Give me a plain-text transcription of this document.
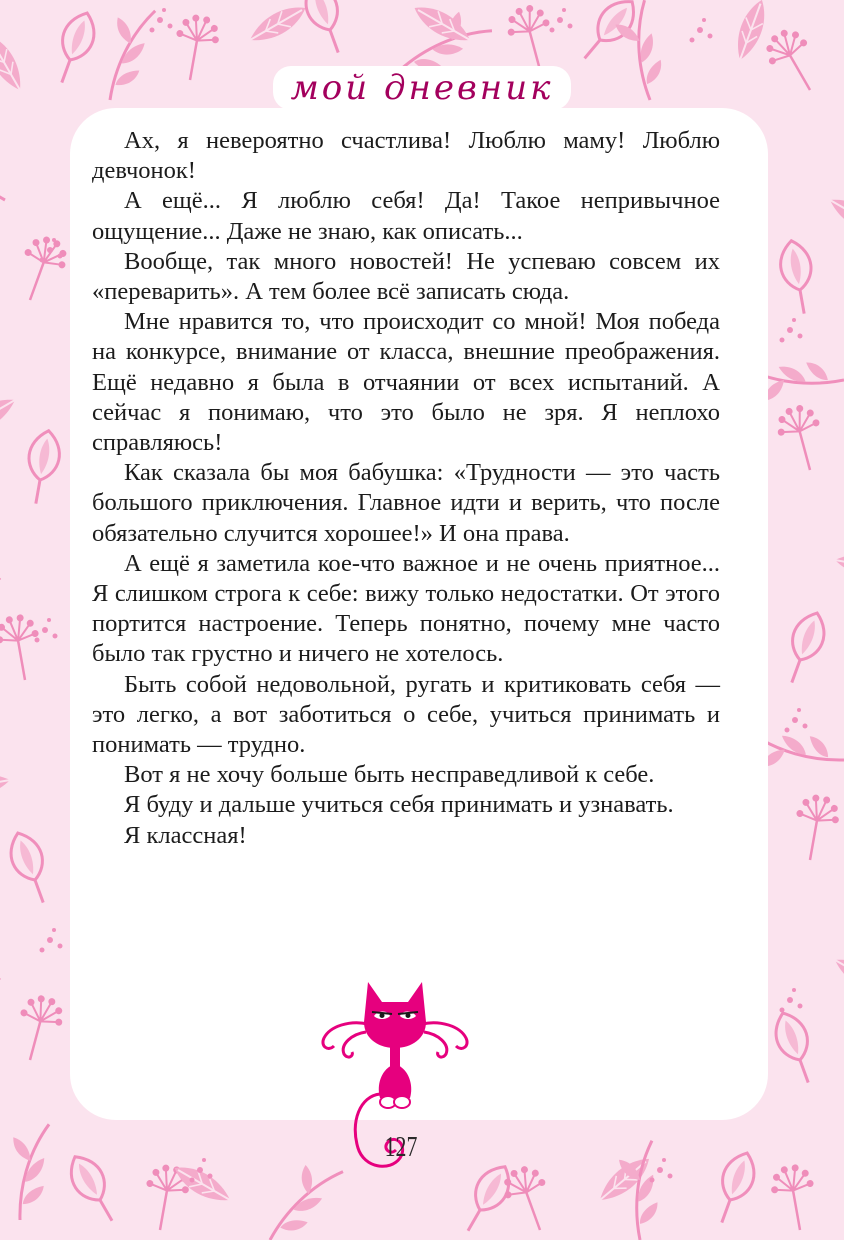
мой дневник

Ах, я невероятно счастлива! Люблю маму! Люблю девчонок!

А ещё... Я люблю себя! Да! Такое непривычное ощущение... Даже не знаю, как описать...

Вообще, так много новостей! Не успеваю совсем их «переварить». А тем более всё записать сюда.

Мне нравится то, что происходит со мной! Моя победа на конкурсе, внимание от класса, внешние преображения. Ещё недавно я была в отчаянии от всех испытаний. А сейчас я понимаю, что это было не зря. Я неплохо справляюсь!

Как сказала бы моя бабушка: «Трудности — это часть большого приключения. Главное идти и верить, что после обязательно случится хорошее!» И она права.

А ещё я заметила кое-что важное и не очень приятное... Я слишком строга к себе: вижу только недостатки. От этого портится настроение. Теперь понятно, почему мне часто было так грустно и ничего не хотелось.

Быть собой недовольной, ругать и критиковать себя — это легко, а вот заботиться о себе, учиться принимать и понимать — трудно.

Вот я не хочу больше быть несправедливой к себе.

Я буду и дальше учиться себя принимать и узнавать.

Я классная!

127
